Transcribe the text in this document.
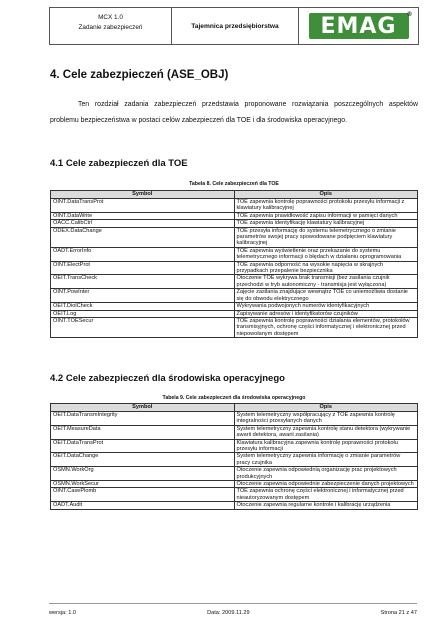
MCX 1.0
Zadanie zabezpieczeń	Tajemnica przedsiębiorstwa	EMAG ®
4. Cele zabezpieczeń (ASE_OBJ)
Ten rozdział zadania zabezpieczeń przedstawia proponowane rozwiązania poszczególnych aspektów problemu bezpieczeństwa w postaci celów zabezpieczeń dla TOE i dla środowiska operacyjnego.
4.1 Cele zabezpieczeń dla TOE
Tabela 8. Cele zabezpieczeń dla TOE
Symbol	Opis
OINT.DataTransProt	TOE zapewnia kontrolę poprawności protokołu przesyłu informacji z klawiatury kalibracyjnej
OINT.DataWrite	TOE zapewnia prawidłowość zapisu informacji w pamięci danych
OACC.CalibCtrl	TOE zapewnia identyfikację klawiatury kalibracyjnej
ODEX.DataChange	TOE przesyła informację do systemu telemetrycznego o zmianie parametrów swojej pracy spowodowane podpięciem klawiatury kalibracyjnej
OADT.ErrorInfo	TOE zapewnia wyświetlenie oraz przekazanie do systemu telemetrycznego informacji o błędach w działaniu oprogramowania
OINT.ElectProt	TOE zapewnia odporność na wysokie napięcia w skrajnych przypadkach przepalenie bezpiecznika
OEIT.TransCheck	Otoczenie TOE wykrywa brak transmisji (bez zasilania czujnik przechodzi w tryb autonomiczny - transmisja jest wyłączona)
OINT.PowInter	Zajęcie zasilania znajdujące wewnątrz TOE co uniemożliwia dostanie się do obwodu elektrycznego
OEIT.DiolCheck	Wykrywania podwojonych numerów identyfikacyjnych
OEIT.Log	Zapisywanie adresów i identyfikatorów czujników
OINT.TOESecur	TOE zapewnia kontrolę poprawności działania elementów, protokołów transmisyjnych, ochronę części informatycznej i elektronicznej przed niepowołanym dostępem
4.2 Cele zabezpieczeń dla środowiska operacyjnego
Tabela 9. Cele zabezpieczeń dla środowiska operacyjnego
Symbol	Opis
OEIT.DataTransmIntegrity	System telemetryczny współpracujący z TOE zapewnia kontrolę integralności przesyłanych danych
OEIT.MeasureData	System telemetryczny zapewnia kontrolę stanu detektora (wykrywanie awarii detektora, awarii zasilania)
OEIT.DataTransProt	Klawiatura kalibracyjna zapewnia kontrolę poprawności protokołu przesyłu informacji
OEIT.DataChange	System telemetryczny zapewnia informację o zmianie parametrów pracy czujnika
OSMN.WorkOrg	Otoczenie zapewnia odpowiednią organizację prac projektowych produkcyjnych
OSMN.WorkSecur	Otoczenie zapewnia odpowiednie zabezpieczenie danych projektowych
OINT.CasePlomb	TOE zapewnia ochronę części elektronicznej i informatycznej przed nieautoryzowanym dostępem
OADT.Audit	Otoczenie zapewnia regularne kontrole i kalibrację urządzenia
wersja: 1.0	Data: 2009.11.29	Strona 21 z 47
